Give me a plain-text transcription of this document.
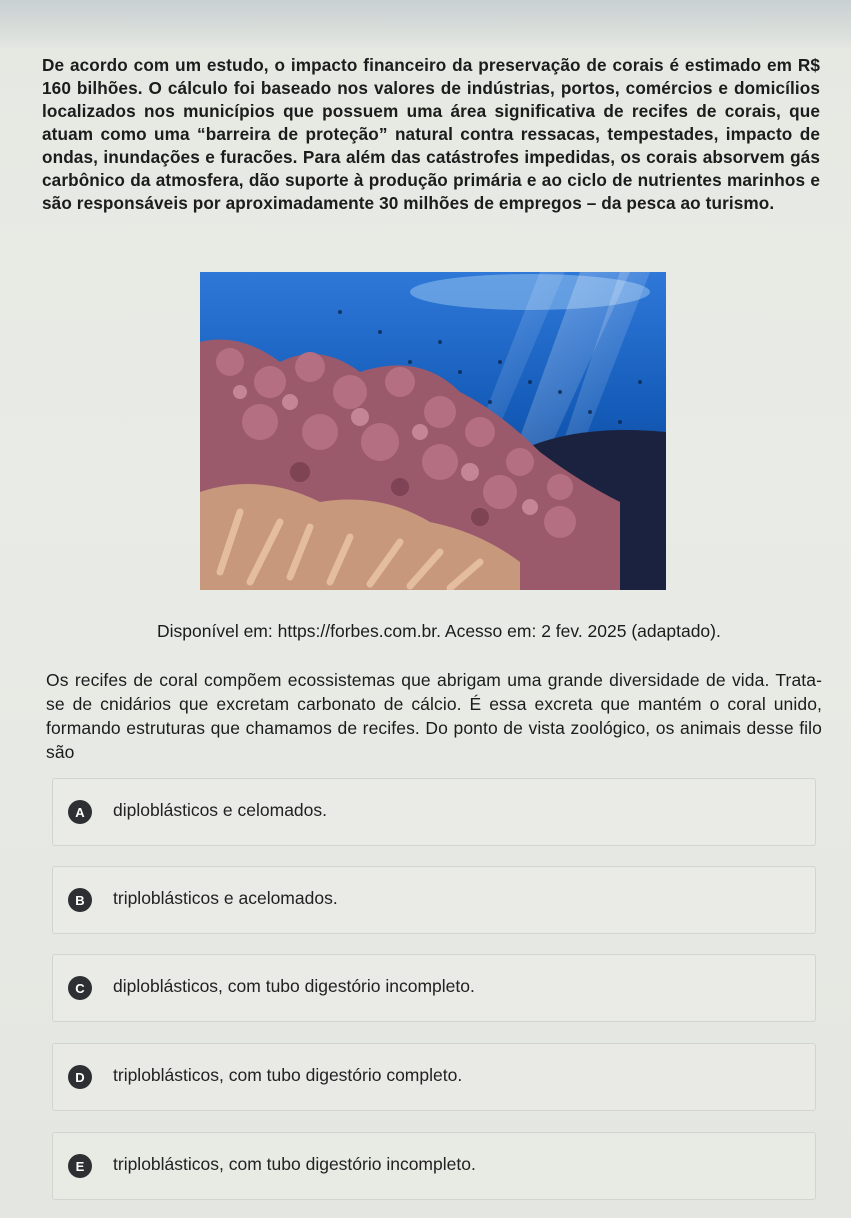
De acordo com um estudo, o impacto financeiro da preservação de corais é estimado em R$ 160 bilhões. O cálculo foi baseado nos valores de indústrias, portos, comércios e domicílios localizados nos municípios que possuem uma área significativa de recifes de corais, que atuam como uma “barreira de proteção” natural contra ressacas, tempestades, impacto de ondas, inundações e furacões. Para além das catástrofes impedidas, os corais absorvem gás carbônico da atmosfera, dão suporte à produção primária e ao ciclo de nutrientes marinhos e são responsáveis por aproximadamente 30 milhões de empregos – da pesca ao turismo.

Disponível em: https://forbes.com.br. Acesso em: 2 fev. 2025 (adaptado).

Os recifes de coral compõem ecossistemas que abrigam uma grande diversidade de vida. Trata-se de cnidários que excretam carbonato de cálcio. É essa excreta que mantém o coral unido, formando estruturas que chamamos de recifes. Do ponto de vista zoológico, os animais desse filo são

A	diploblásticos e celomados.
B	triploblásticos e acelomados.
C	diploblásticos, com tubo digestório incompleto.
D	triploblásticos, com tubo digestório completo.
E	triploblásticos, com tubo digestório incompleto.
